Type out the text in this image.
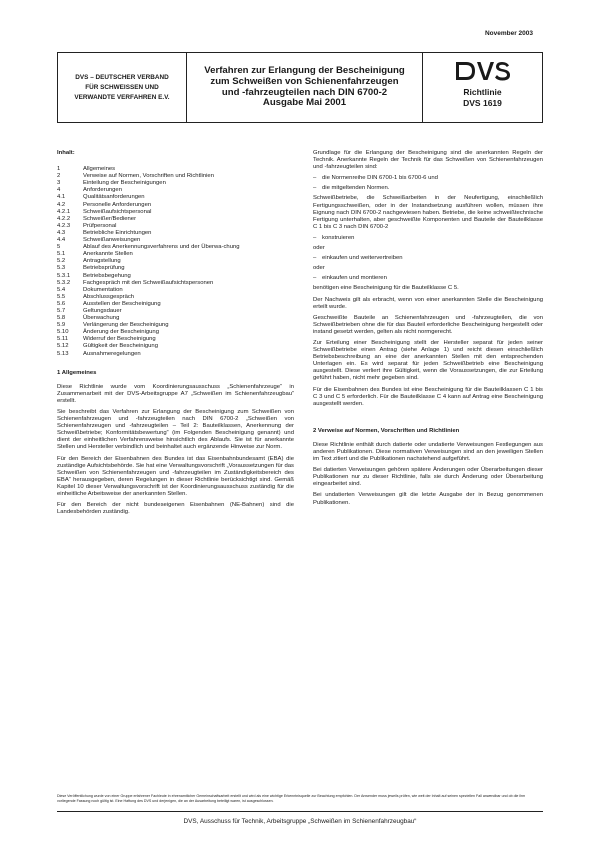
November 2003
DVS – DEUTSCHER VERBAND
FÜR SCHWEISSEN UND
VERWANDTE VERFAHREN E.V.
Verfahren zur Erlangung der Bescheinigung
zum Schweißen von Schienenfahrzeugen
und -fahrzeugteilen nach DIN 6700-2
Ausgabe Mai 2001
Richtlinie
DVS 1619
Inhalt:
1	Allgemeines
2	Verweise auf Normen, Vorschriften und Richtlinien
3	Einteilung der Bescheinigungen
4	Anforderungen
4.1	Qualitätsanforderungen
4.2	Personelle Anforderungen
4.2.1	Schweißaufsichtspersonal
4.2.2	Schweißer/Bediener
4.2.3	Prüfpersonal
4.3	Betriebliche Einrichtungen
4.4	Schweißanweisungen
5	Ablauf des Anerkennungsverfahrens und der Überwa-chung
5.1	Anerkannte Stellen
5.2	Antragstellung
5.3	Betriebsprüfung
5.3.1	Betriebsbegehung
5.3.2	Fachgespräch mit den Schweißaufsichtspersonen
5.4	Dokumentation
5.5	Abschlussgespräch
5.6	Ausstellen der Bescheinigung
5.7	Geltungsdauer
5.8	Überwachung
5.9	Verlängerung der Bescheinigung
5.10	Änderung der Bescheinigung
5.11	Widerruf der Bescheinigung
5.12	Gültigkeit der Bescheinigung
5.13	Ausnahmeregelungen
1 Allgemeines

Diese Richtlinie wurde vom Koordinierungsausschuss „Schienenfahrzeuge“ in Zusammenarbeit mit der DVS-Arbeitsgruppe A7 „Schweißen im Schienenfahrzeugbau“ erstellt.

Sie beschreibt das Verfahren zur Erlangung der Bescheinigung zum Schweißen von Schienenfahrzeugen und -fahrzeugteilen nach DIN 6700-2 „Schweißen von Schienenfahrzeugen und -fahrzeugteilen – Teil 2: Bauteilklassen, Anerkennung der Schweißbetriebe; Konformitätsbewertung“ (im Folgenden Bescheinigung genannt) und dient der einheitlichen Verfahrensweise hinsichtlich des Ablaufs. Sie ist für anerkannte Stellen und Hersteller verbindlich und beinhaltet auch ergänzende Hinweise zur Norm.

Für den Bereich der Eisenbahnen des Bundes ist das Eisenbahnbundesamt (EBA) die zuständige Aufsichtsbehörde. Sie hat eine Verwaltungsvorschrift „Voraussetzungen für das Schweißen von Schienenfahrzeugen und -fahrzeugteilen im Zuständigkeitsbereich des EBA“ herausgegeben, deren Regelungen in dieser Richtlinie berücksichtigt sind. Gemäß Kapitel 10 dieser Verwaltungsvorschrift ist der Koordinierungsausschuss zuständig für die einheitliche Arbeitsweise der anerkannten Stellen.

Für den Bereich der nicht bundeseigenen Eisenbahnen (NE-Bahnen) sind die Landesbehörden zuständig.

Grundlage für die Erlangung der Bescheinigung sind die anerkannten Regeln der Technik. Anerkannte Regeln der Technik für das Schweißen von Schienenfahrzeugen und -fahrzeugteilen sind:

– die Normenreihe DIN 6700-1 bis 6700-6 und
– die mitgeltenden Normen.

Schweißbetriebe, die Schweißarbeiten in der Neufertigung, einschließlich Fertigungsschweißen, oder in der Instandsetzung ausführen wollen, müssen ihre Eignung nach DIN 6700-2 nachgewiesen haben. Betriebe, die keine schweißtechnische Fertigung unterhalten, aber geschweißte Komponenten und Bauteile der Bauteilklasse C 1 bis C 3 nach DIN 6700-2

– konstruieren
oder
– einkaufen und weitervertreiben
oder
– einkaufen und montieren

benötigen eine Bescheinigung für die Bauteilklasse C 5.

Der Nachweis gilt als erbracht, wenn von einer anerkannten Stelle die Bescheinigung erteilt wurde.

Geschweißte Bauteile an Schienenfahrzeugen und -fahrzeugteilen, die von Schweißbetrieben ohne die für das Bauteil erforderliche Bescheinigung hergestellt oder instand gesetzt werden, gelten als nicht normgerecht.

Zur Erteilung einer Bescheinigung stellt der Hersteller separat für jeden seiner Schweißbetriebe einen Antrag (siehe Anlage 1) und reicht diesen einschließlich Betriebsbeschreibung an eine der anerkannten Stellen mit den entsprechenden Unterlagen ein. Es wird separat für jeden Schweißbetrieb eine Bescheinigung ausgestellt. Diese verliert ihre Gültigkeit, wenn die Voraussetzungen, die zur Erteilung geführt haben, nicht mehr gegeben sind.

Für die Eisenbahnen des Bundes ist eine Bescheinigung für die Bauteilklassen C 1 bis C 3 und C 5 erforderlich. Für die Bauteilklasse C 4 kann auf Antrag eine Bescheinigung ausgestellt werden.

2 Verweise auf Normen, Vorschriften und Richtlinien

Diese Richtlinie enthält durch datierte oder undatierte Verweisungen Festlegungen aus anderen Publikationen. Diese normativen Verweisungen sind an den jeweiligen Stellen im Text zitiert und die Publikationen nachstehend aufgeführt.

Bei datierten Verweisungen gehören spätere Änderungen oder Überarbeitungen dieser Publikationen nur zu dieser Richtlinie, falls sie durch Änderung oder Überarbeitung eingearbeitet sind.

Bei undatierten Verweisungen gilt die letzte Ausgabe der in Bezug genommenen Publikationen.

Diese Veröffentlichung wurde von einer Gruppe erfahrener Fachleute in ehrenamtlicher Gemeinschaftsarbeit erstellt und wird als eine wichtige Erkenntnisquelle zur Beachtung empfohlen. Der Anwender muss jeweils prüfen, wie weit der Inhalt auf seinen speziellen Fall anwendbar und ob die ihm vorliegende Fassung noch gültig ist. Eine Haftung des DVS und derjenigen, die an der Ausarbeitung beteiligt waren, ist ausgeschlossen.
DVS, Ausschuss für Technik, Arbeitsgruppe „Schweißen im Schienenfahrzeugbau“
